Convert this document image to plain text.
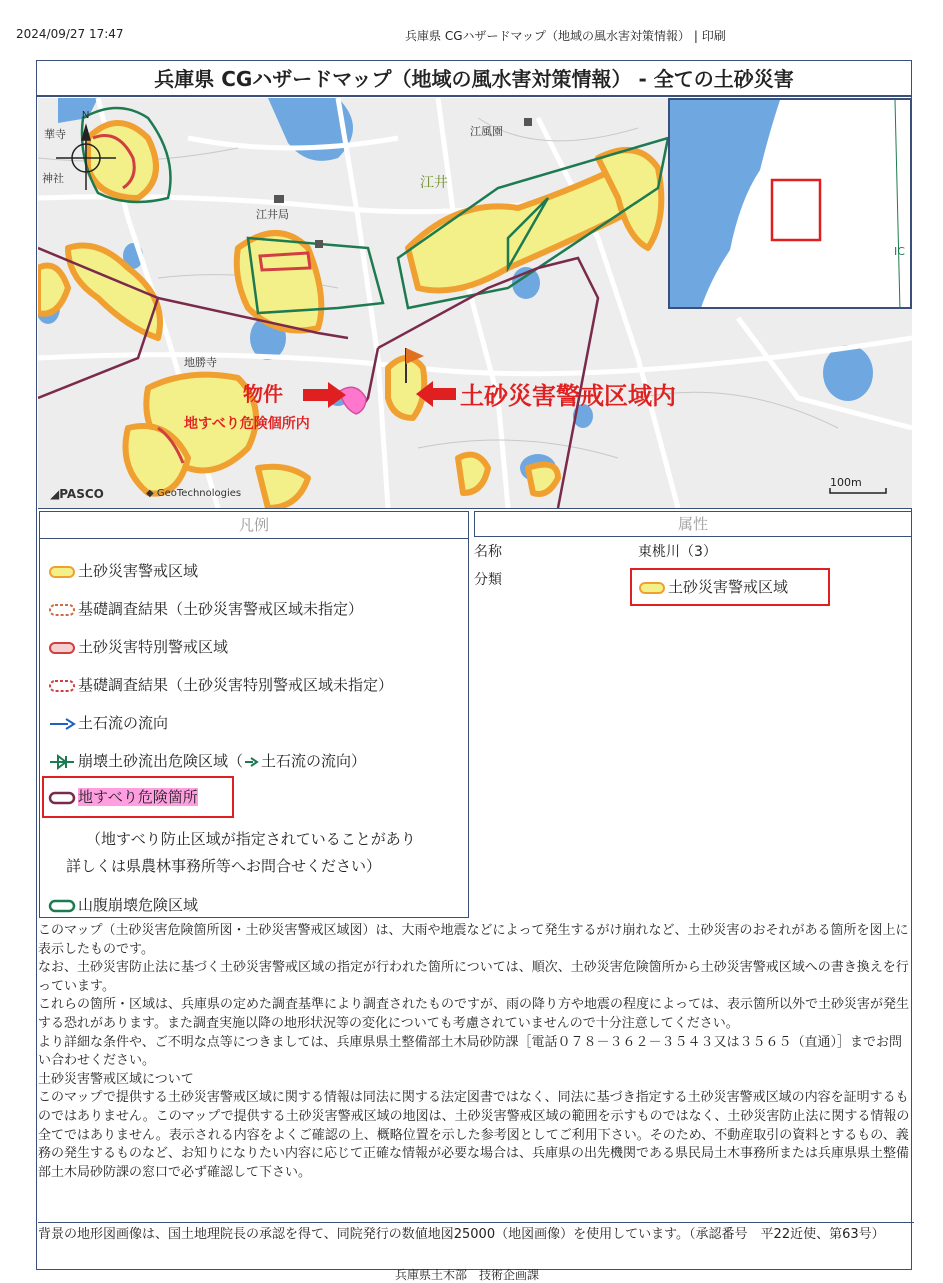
2024/09/27 17:47	兵庫県 CGハザードマップ（地域の風水害対策情報） | 印刷
兵庫県 CGハザードマップ（地域の風水害対策情報） - 全ての土砂災害
N
IC
華寺
神社
江風園
江井
江井局
地勝寺
物件
地すべり危険個所内
土砂災害警戒区域内
◢PASCO	◆ GeoTechnologies
100m
凡例
土砂災害警戒区域
基礎調査結果（土砂災害警戒区域未指定）
土砂災害特別警戒区域
基礎調査結果（土砂災害特別警戒区域未指定）
土石流の流向
崩壊土砂流出危険区域（ 土石流の流向）
地すべり危険箇所
（地すべり防止区域が指定されていることがあり
詳しくは県農林事務所等へお問合せください）
山腹崩壊危険区域
属性
名称	東桃川（3）
分類	土砂災害警戒区域

このマップ（土砂災害危険箇所図・土砂災害警戒区域図）は、大雨や地震などによって発生するがけ崩れなど、土砂災害のおそれがある箇所を図上に表示したものです。

なお、土砂災害防止法に基づく土砂災害警戒区域の指定が行われた箇所については、順次、土砂災害危険箇所から土砂災害警戒区域への書き換えを行っています。

これらの箇所・区域は、兵庫県の定めた調査基準により調査されたものですが、雨の降り方や地震の程度によっては、表示箇所以外で土砂災害が発生する恐れがあります。また調査実施以降の地形状況等の変化についても考慮されていませんので十分注意してください。

より詳細な条件や、ご不明な点等につきましては、兵庫県県土整備部土木局砂防課［電話０７８－３６２－３５４３又は３５６５（直通）］までお問い合わせください。

土砂災害警戒区域について

このマップで提供する土砂災害警戒区域に関する情報は同法に関する法定図書ではなく、同法に基づき指定する土砂災害警戒区域の内容を証明するものではありません。このマップで提供する土砂災害警戒区域の地図は、土砂災害警戒区域の範囲を示すものではなく、土砂災害防止法に関する情報の全てではありません。表示される内容をよくご確認の上、概略位置を示した参考図としてご利用下さい。そのため、不動産取引の資料とするもの、義務の発生するものなど、お知りになりたい内容に応じて正確な情報が必要な場合は、兵庫県の出先機関である県民局土木事務所または兵庫県県土整備部土木局砂防課の窓口で必ず確認して下さい。

背景の地形図画像は、国土地理院長の承認を得て、同院発行の数値地図25000（地図画像）を使用しています。（承認番号　平22近使、第63号）
兵庫県土木部　技術企画課
